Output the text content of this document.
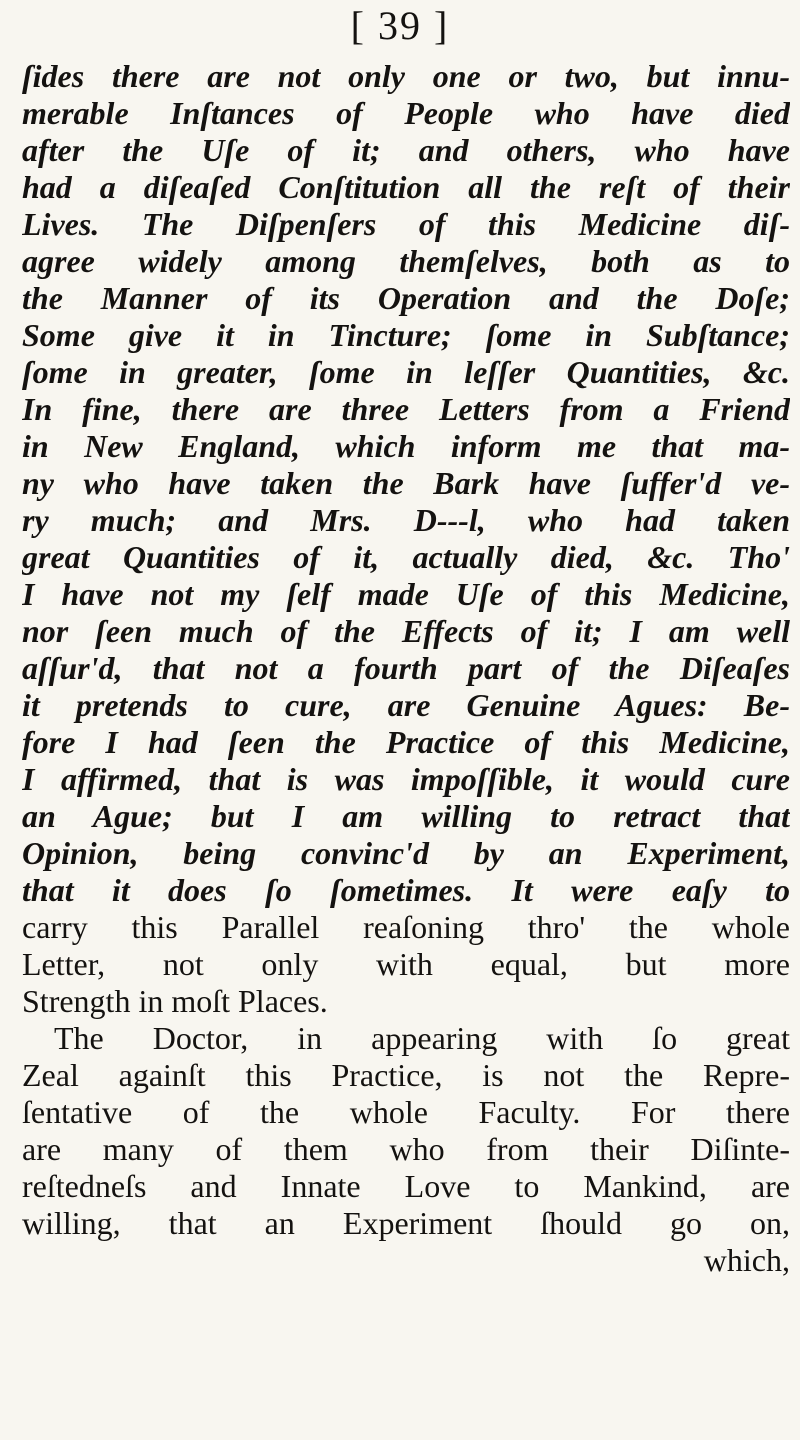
[ 39 ]
ſides there are not only one or two, but innu-
merable Inſtances of People who have died
after the Uſe of it; and others, who have
had a diſeaſed Conſtitution all the reſt of their
Lives. The Diſpenſers of this Medicine diſ-
agree widely among themſelves, both as to
the Manner of its Operation and the Doſe;
Some give it in Tincture; ſome in Subſtance;
ſome in greater, ſome in leſſer Quantities, &c.
In fine, there are three Letters from a Friend
in New England, which inform me that ma-
ny who have taken the Bark have ſuffer'd ve-
ry much; and Mrs. D---l, who had taken
great Quantities of it, actually died, &c. Tho'
I have not my ſelf made Uſe of this Medicine,
nor ſeen much of the Effects of it; I am well
aſſur'd, that not a fourth part of the Diſeaſes
it pretends to cure, are Genuine Agues: Be-
fore I had ſeen the Practice of this Medicine,
I affirmed, that is was impoſſible, it would cure
an Ague; but I am willing to retract that
Opinion, being convinc'd by an Experiment,
that it does ſo ſometimes. It were eaſy to
carry this Parallel reaſoning thro' the whole
Letter, not only with equal, but more
Strength in moſt Places.
The Doctor, in appearing with ſo great
Zeal againſt this Practice, is not the Repre-
ſentative of the whole Faculty. For there
are many of them who from their Diſinte-
reſtedneſs and Innate Love to Mankind, are
willing, that an Experiment ſhould go on,
which,
